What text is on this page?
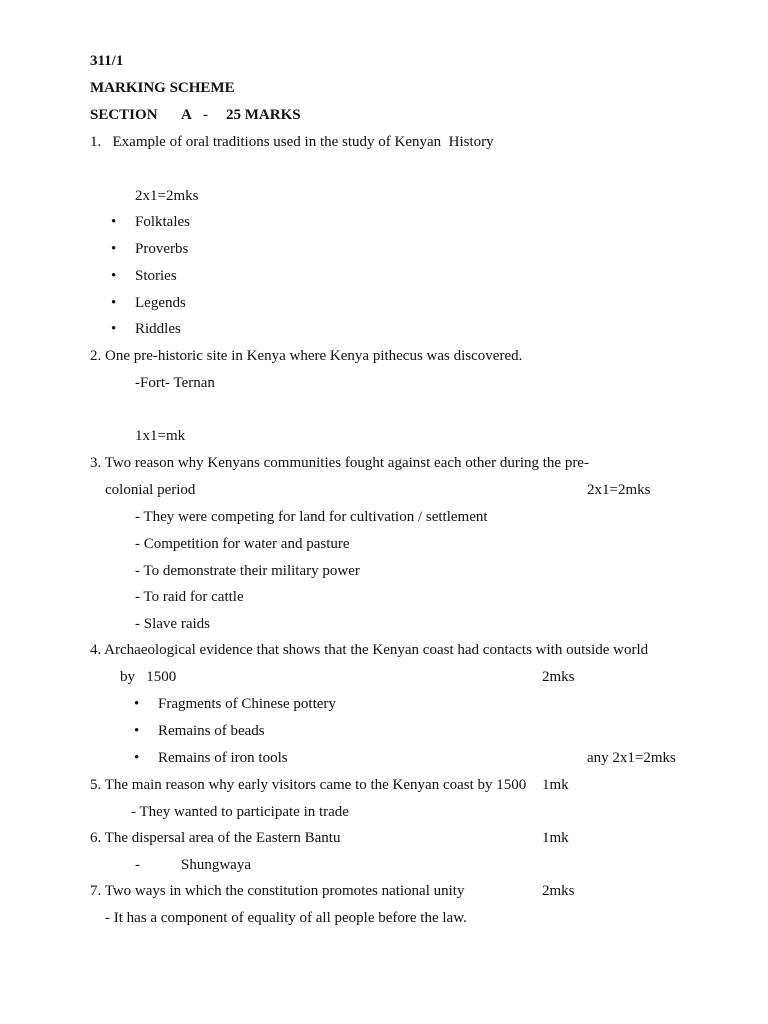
311/1
MARKING SCHEME
SECTION A - 25 MARKS
1.   Example of oral traditions used in the study of Kenyan  History
2x1=2mks
• Folktales
• Proverbs
• Stories
• Legends
• Riddles
2. One pre-historic site in Kenya where Kenya pithecus was discovered.
-Fort- Ternan
1x1=mk
3. Two reason why Kenyans communities fought against each other during the pre-
colonial period	2x1=2mks
- They were competing for land for cultivation / settlement
- Competition for water and pasture
- To demonstrate their military power
- To raid for cattle
- Slave raids
4. Archaeological evidence that shows that the Kenyan coast had contacts with outside world
by   1500	2mks
• Fragments of Chinese pottery
• Remains of beads
• Remains of iron tools	any 2x1=2mks
5. The main reason why early visitors came to the Kenyan coast by 1500 1mk
- They wanted to participate in trade
6. The dispersal area of the Eastern Bantu	1mk
-	Shungwaya
7. Two ways in which the constitution promotes national unity	2mks
- It has a component of equality of all people before the law.
